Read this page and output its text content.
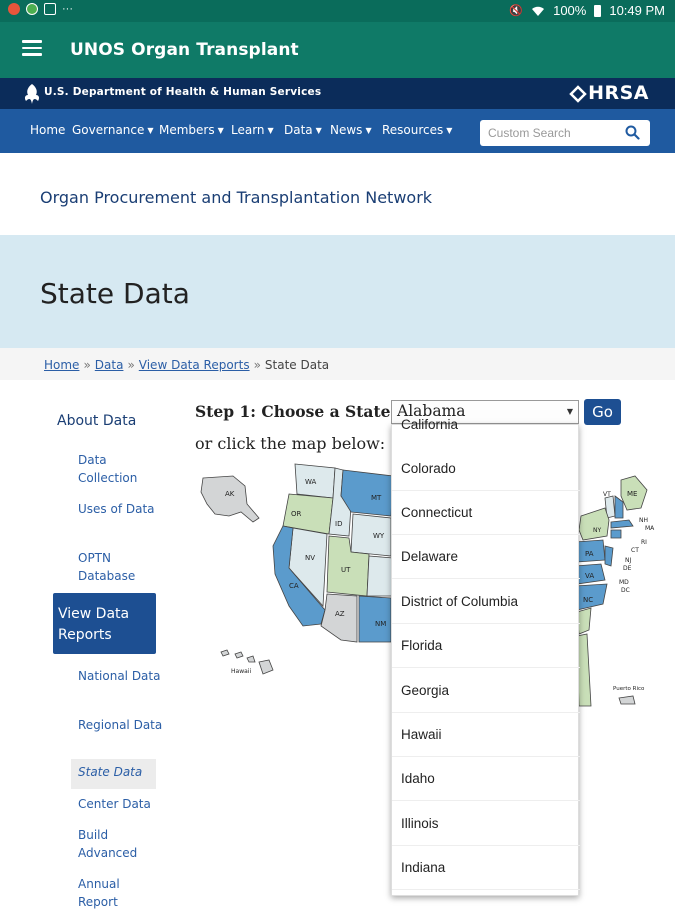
···	🔇 100% 10:49 PM
UNOS Organ Transplant
U.S. Department of Health & Human Services	HRSA
Home Governance ▼ Members ▼ Learn ▼ Data ▼ News ▼ Resources ▼
Custom Search
Organ Procurement and Transplantation Network
State Data
Home » Data » View Data Reports » State Data
About Data
Data Collection
Uses of Data
OPTN Database
View Data Reports
National Data
Regional Data
State Data
Center Data
Build Advanced
Annual Report
Step 1: Choose a State Alabama	▼	Go
or click the map below:
AK
WA
OR
ID
MT
WY
NV
UT
CA
AZ
NM
Hawaii
ME
VT
NH
NY	MA
RI
CT
PA
NJ
DE
VA
MD
DC
NC
Puerto Rico
California
Colorado
Connecticut
Delaware
District of Columbia
Florida
Georgia
Hawaii
Idaho
Illinois
Indiana
